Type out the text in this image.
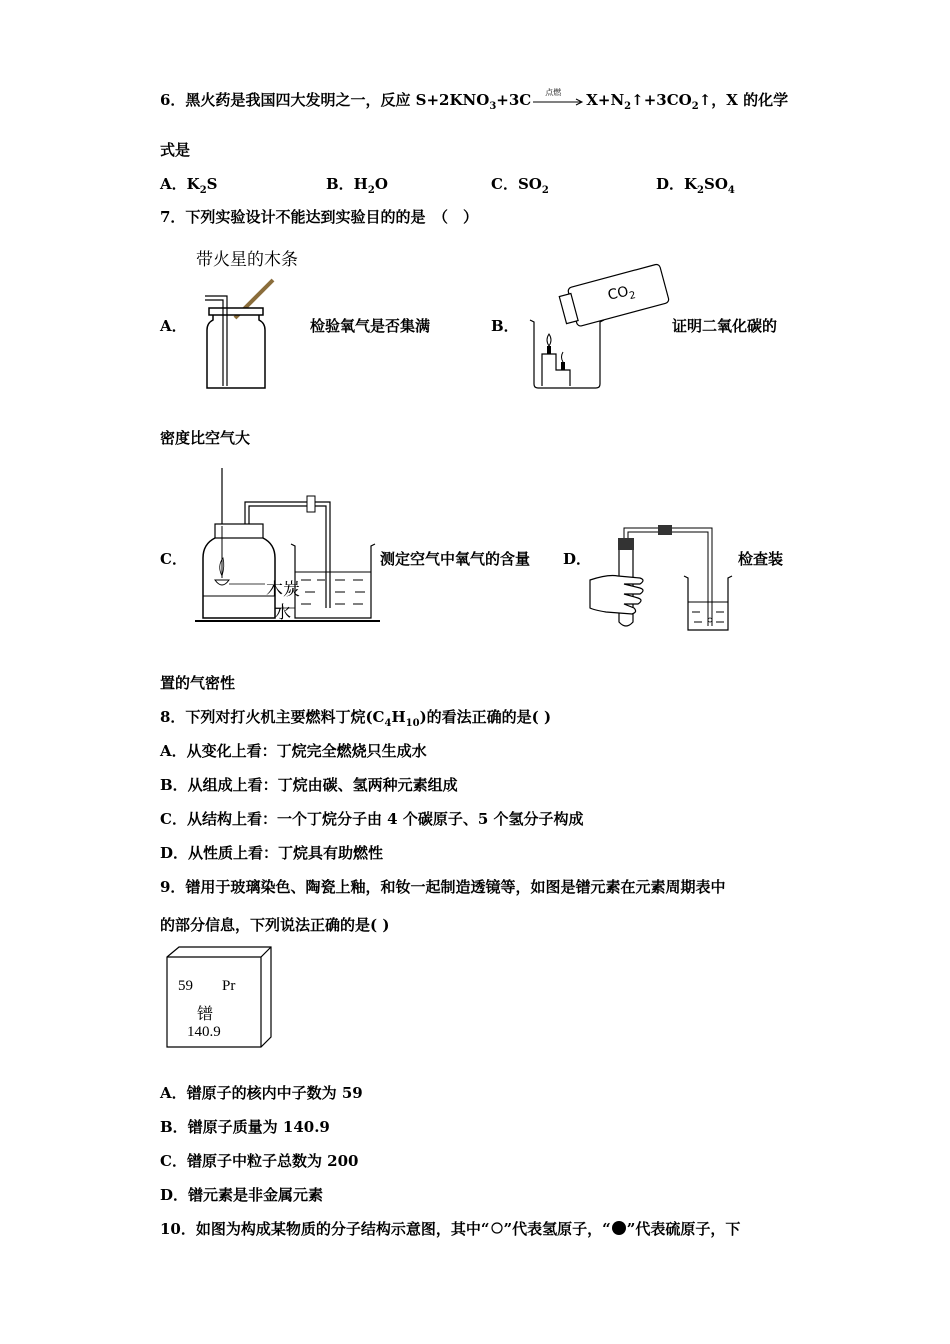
6．黑火药是我国四大发明之一，反应 $S+2KNO_3+3C$ 点燃 $X+N_2↑+3CO_2↑$，X 的化学
式是
A．$K_2S$	B．$H_2O$	C．$SO_2$	D．$K_2SO_4$
7．下列实验设计不能达到实验目的的是　（　）
带火星的木条
A．	检验氧气是否集满	B．
$CO_2$
证明二氧化碳的
密度比空气大
C．
木炭
水
测定空气中氧气的含量 D．	检查装
置的气密性
8．下列对打火机主要燃料丁烷$(C_4H_{10})$的看法正确的是( )
A．从变化上看：丁烷完全燃烧只生成水
B．从组成上看：丁烷由碳、氢两种元素组成
C．从结构上看：一个丁烷分子由 4 个碳原子、5 个氢分子构成
D．从性质上看：丁烷具有助燃性
9．镨用于玻璃染色、陶瓷上釉，和钕一起制造透镜等，如图是镨元素在元素周期表中
的部分信息，下列说法正确的是( )
59 Pr
镨
140.9
A．镨原子的核内中子数为 59
B．镨原子质量为 140.9
C．镨原子中粒子总数为 200
D．镨元素是非金属元素
10．如图为构成某物质的分子结构示意图，其中“ ”代表氢原子，“ ”代表硫原子，下
